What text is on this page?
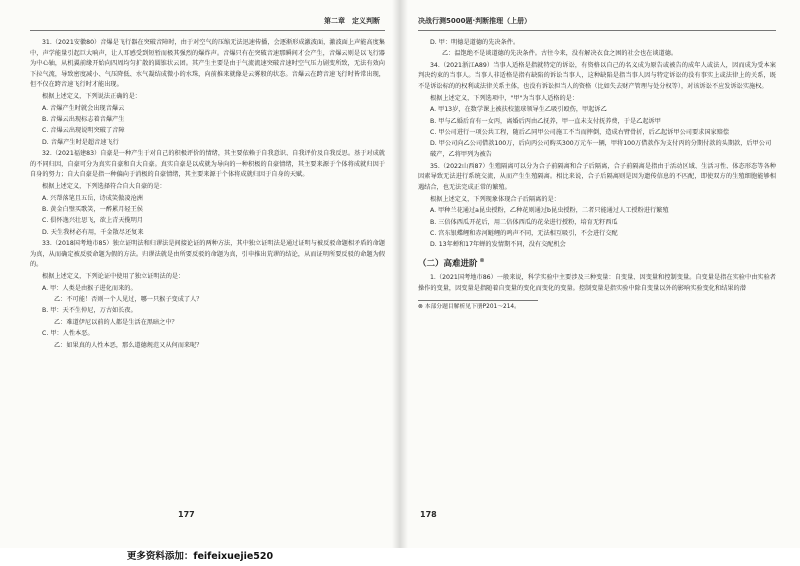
第二章　定义判断

31.（2021安徽80）音爆是飞行器在突破音障时，由于对空气的压缩无法迅速传播，会逐渐形成激波面，激波面上声能高度集中，声学能量引起巨大响声，让人耳感受到短暂而极其强烈的爆炸声。音爆只有在突破音速那瞬间才会产生，音爆云则是以飞行器为中心轴，从机翼前缘开始向四周均匀扩散的圆锥状云团。其产生主要是由于气流流速突破音速时空气压力剧变所致，无法有效向下拉气流，导致密度减小、气压降低、水气凝结成微小的水珠，向前推来就像是云雾般的状态。音爆云在跨音速飞行时皆常出现，但不仅在跨音速飞行时才能出现。

根据上述定义，下列说法正确的是：

A. 音爆产生时就会出现音爆云
B. 音爆云出现标志着音爆产生
C. 音爆云出现说明突破了音障
D. 音爆产生时是超音速飞行

32.（2021福建83）自豪是一种产生于对自己的积极评价的情绪，其主要依赖于自我意识、自我评价及自我反思。基于对成就的不同归因，自豪可分为真实自豪和自大自豪。真实自豪是以成就为导向的一种积极的自豪情绪，其主要来源于个体将成就归因于自身的努力；自大自豪是指一种偏向于消极的自豪情绪，其主要来源于个体将成就归因于自身的天赋。

根据上述定义，下列选择符合自大自豪的是：

A. 兴帮落笔且五岳，诗成笑傲凌沧洲
B. 黄金白璧买歌笑，一醉累月轻王侯
C. 俱怀逸兴壮思飞，欲上青天揽明月
D. 天生我材必有用，千金散尽还复来

33.（2018国考地市85）独立证明法和归谬法是间接论证的两种方法，其中独立证明法是通过证明与被反驳命题相矛盾的命题为真，从而确定被反驳命题为假的方法。归谬法就是由所要反驳的命题为真，引申推出荒谬的结论，从而证明所要反驳的命题为假的。

根据上述定义，下列论证中使用了独立证明法的是：

A. 甲：人类是由猴子进化而来的。
乙：不可能！否则一个人见过，哪一只猴子变成了人？
B. 甲：天不生仲尼，万古如长夜。
乙：难道伊尼以前的人都是生活在黑暗之中？
C. 甲：人性本恶。
乙：如果真的人性本恶，那么道德规范又从何而来呢？
177
决战行测5000题·判断推理（上册）
D. 甲：明德是道德的先决条件。
乙：温饱绝不是谈道德的先决条件。古往今来，没有解决衣食之困的社会也在谈道德。

34.（2021浙江A89）当事人适格是指就特定的诉讼，有资格以自己的名义成为原告或被告的成年人或法人，因而成为受本案判决约束的当事人。当事人非适格是指有缺陷的诉讼当事人，这种缺陷是指当事人因与特定诉讼的没有事实上或法律上的关系，既不是诉讼标的的权利或法律关系主体，也没有诉讼担当人的资格（比如失去财产管理与处分权等），对该诉讼不应发诉讼实施权。

根据上述定义，下列选项中，"甲"为当事人适格的是：

A. 甲13岁，在数学课上被扶校篮球领导生乙吸引殴伤，甲起诉乙
B. 甲与乙婚后育有一女丙，离婚后丙由乙抚养，甲一直未支付抚养费，于是乙起诉甲
C. 甲公司进行一项公共工程，随后乙同甲公司施工不当而摔倒，造成右臂骨折，后乙起诉甲公司要求国家赔偿
D. 甲公司向乙公司借款100万，后向丙公司购买300万元车一辆，甲将100万借款作为支付丙的分期付款的头期款，后甲公司破产，乙将甲列为被告

35.（2022山西87）生殖隔离可以分为合子前隔离和合子后隔离，合子前隔离是指由于活动区域、生活习性、体态形态等各种因素导致无法进行系统交流，从而产生生殖隔离。相比来说，合子后隔离则是因为遗传信息的不匹配，即使双方的生殖细胞能够相遇结合，也无法完成正常的繁殖。

根据上述定义，下列现象体现合子后隔离的是：

A. 甲种兰花通过a昆虫授粉，乙种花则通过b昆虫授粉，二者只能通过人工授粉进行繁殖
B. 三倍体西瓜开花后，用二倍体西瓜的花朵进行授粉，培育无籽西瓜
C. 宫东银蝶鲤和赤河鲢鲤的鸣声不同，无法相互吸引，不会进行交配
D. 13年蝉和17年蝉的发情期不同，没有交配机会
（二）高难进阶 ⊗

1.（2021国考地市86）一般来说，科学实验中主要涉及三种变量：自变量、因变量和控制变量。自变量是指在实验中由实验者操作的变量，因变量是指随着自变量的变化而变化的变量。控制变量是指实验中除自变量以外的影响实验变化和结果的潜

⊗ 本部分题目解析见下册P201～214。
178
更多资料添加：feifeixuejie520
